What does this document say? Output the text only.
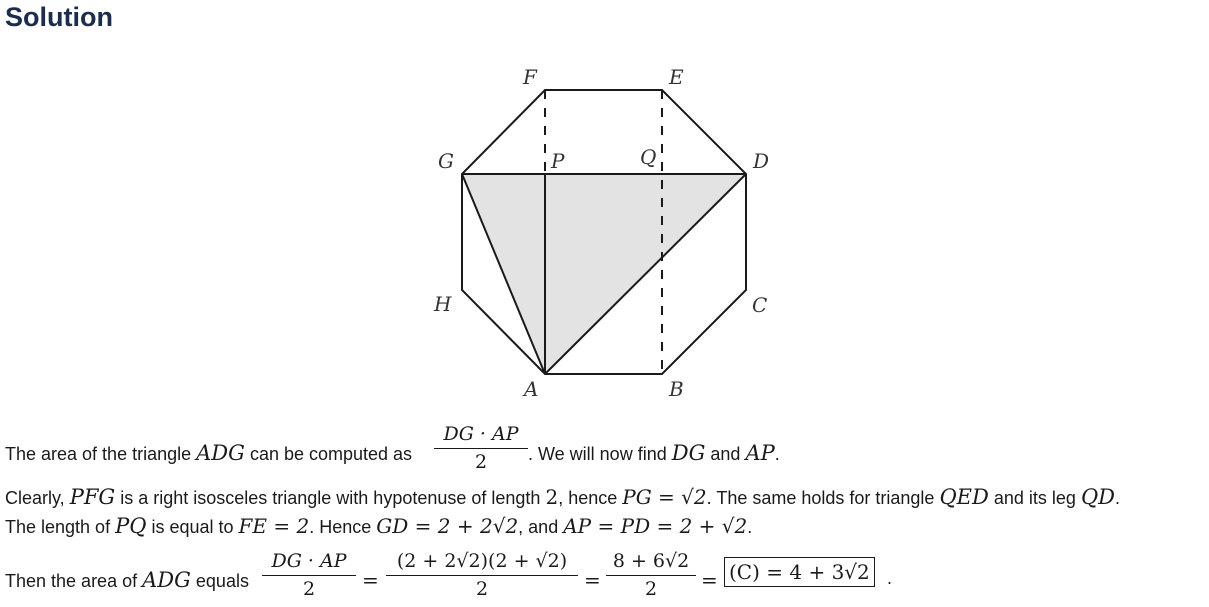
Solution
F	E
G	P	Q	D
H	C
A	B
The area of the triangle ADG can be computed as
DG · AP
2	. We will now find DG and AP.
Clearly, PFG is a right isosceles triangle with hypotenuse of length 2, hence PG = √2. The same holds for triangle QED and its leg QD.
The length of PQ is equal to FE = 2. Hence GD = 2 + 2√2, and AP = PD = 2 + √2.
Then the area of ADG equals
DG · AP
2	=
(2 + 2√2)(2 + √2)
2	=
8 + 6√2
2	= (C) = 4 + 3√2 .
